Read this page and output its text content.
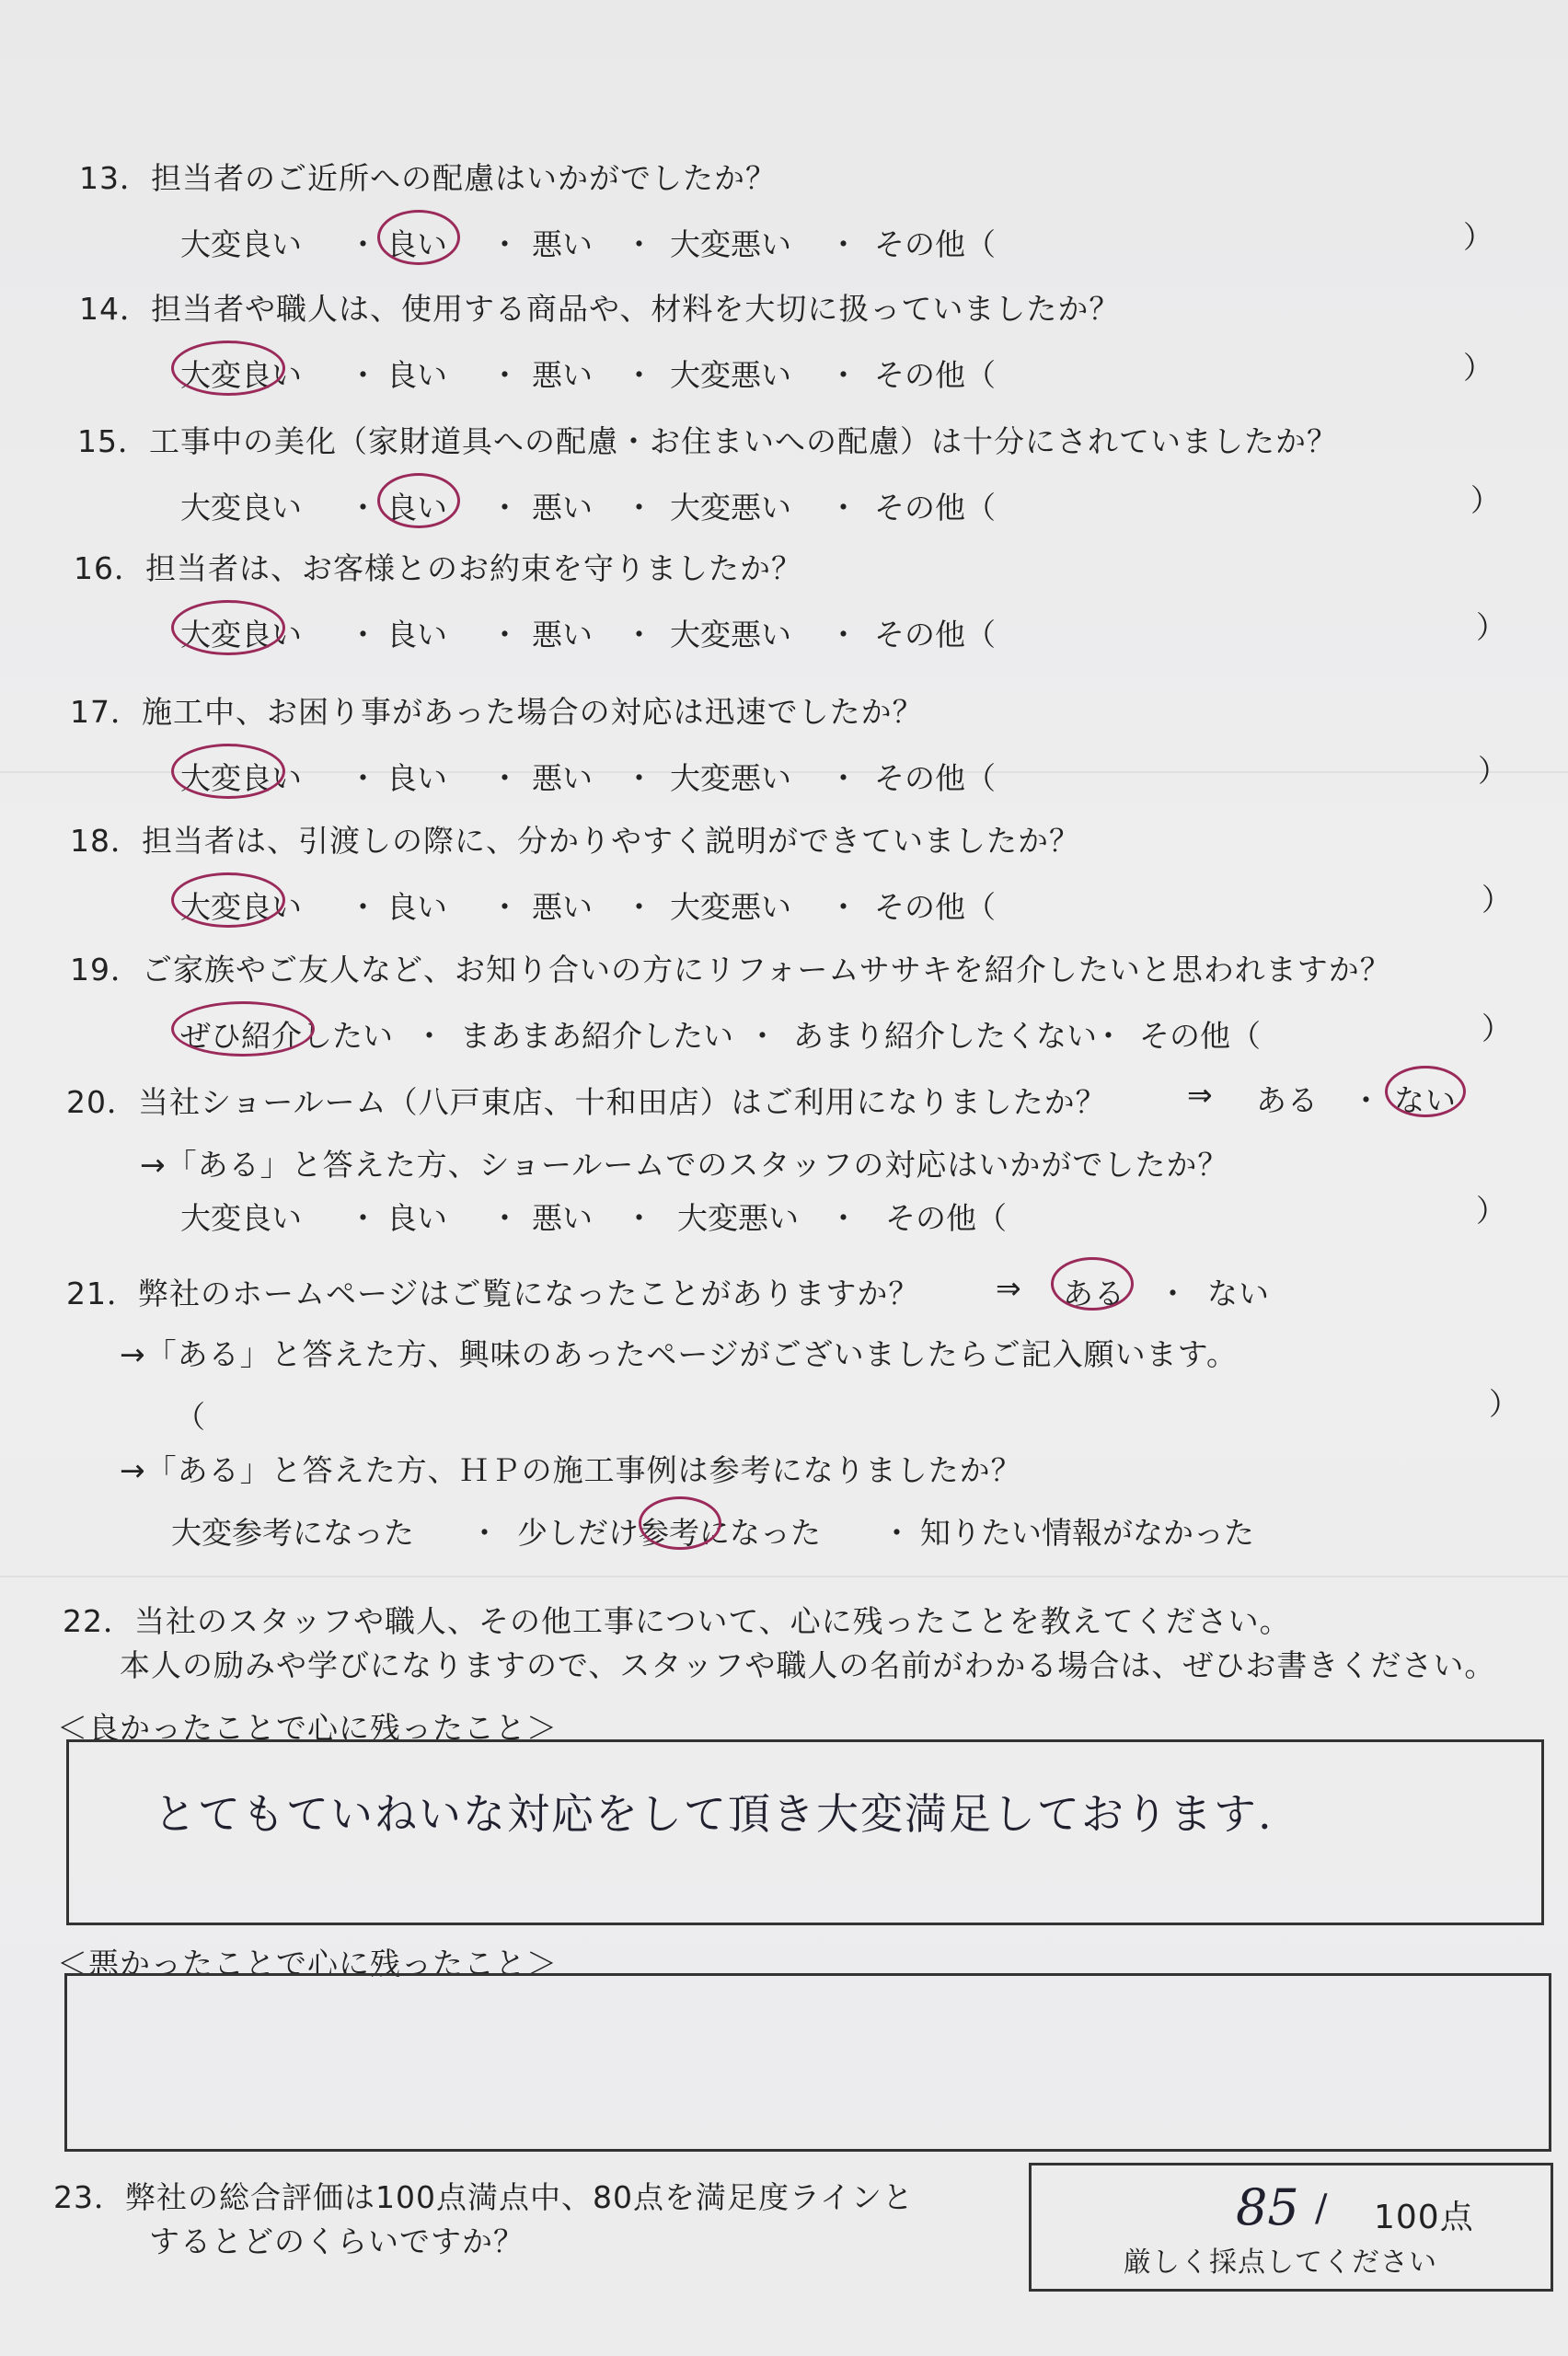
13．担当者のご近所への配慮はいかがでしたか？
大変良い ・ 良い ・ 悪い ・ 大変悪い ・ その他（	）
14．担当者や職人は、使用する商品や、材料を大切に扱っていましたか？
大変良い ・ 良い ・ 悪い ・ 大変悪い ・ その他（	）
15．工事中の美化（家財道具への配慮・お住まいへの配慮）は十分にされていましたか？
大変良い ・ 良い ・ 悪い ・ 大変悪い ・ その他（	）
16．担当者は、お客様とのお約束を守りましたか？
大変良い ・ 良い ・ 悪い ・ 大変悪い ・ その他（	）
17．施工中、お困り事があった場合の対応は迅速でしたか？
大変良い ・ 良い ・ 悪い ・ 大変悪い ・ その他（	）
18．担当者は、引渡しの際に、分かりやすく説明ができていましたか？
大変良い ・ 良い ・ 悪い ・ 大変悪い ・ その他（	）
19．ご家族やご友人など、お知り合いの方にリフォームササキを紹介したいと思われますか？
ぜひ紹介したい ・ まあまあ紹介したい ・ あまり紹介したくない
・ その他（	）
20．当社ショールーム（八戸東店、十和田店）はご利用になりましたか？	⇒ ある ・ ない
→「ある」と答えた方、ショールームでのスタッフの対応はいかがでしたか？
大変良い ・ 良い ・ 悪い ・ 大変悪い ・ その他（	）
21．弊社のホームページはご覧になったことがありますか？	⇒ ある ・ ない
→「ある」と答えた方、興味のあったページがございましたらご記入願います。
（	）
→「ある」と答えた方、ＨＰの施工事例は参考になりましたか？
大変参考になった ・ 少しだけ参考になった ・ 知りたい情報がなかった
22．当社のスタッフや職人、その他工事について、心に残ったことを教えてください。
本人の励みや学びになりますので、スタッフや職人の名前がわかる場合は、ぜひお書きください。
＜良かったことで心に残ったこと＞
とてもていねいな対応をして頂き大変満足しております.
＜悪かったことで心に残ったこと＞
23．弊社の総合評価は100点満点中、80点を満足度ラインと
するとどのくらいですか？
85 / 100点
厳しく採点してください
